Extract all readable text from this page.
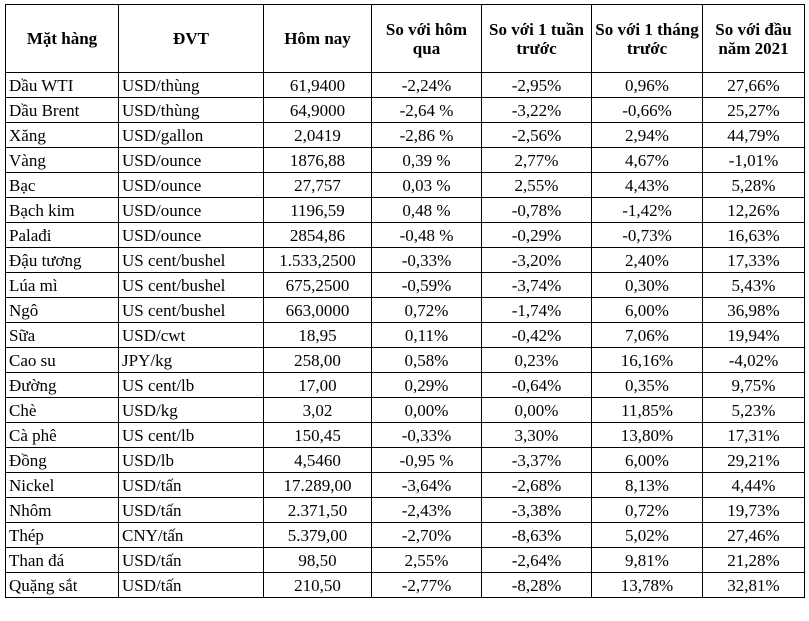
Mặt hàng	ĐVT	Hôm nay	So với hôm qua	So với 1 tuần trước	So với 1 tháng trước	So với đầu năm 2021
Dầu WTI	USD/thùng	61,9400	-2,24%	-2,95%	0,96%	27,66%
Dầu Brent	USD/thùng	64,9000	-2,64 %	-3,22%	-0,66%	25,27%
Xăng	USD/gallon	2,0419	-2,86 %	-2,56%	2,94%	44,79%
Vàng	USD/ounce	1876,88	0,39 %	2,77%	4,67%	-1,01%
Bạc	USD/ounce	27,757	0,03 %	2,55%	4,43%	5,28%
Bạch kim	USD/ounce	1196,59	0,48 %	-0,78%	-1,42%	12,26%
Palađi	USD/ounce	2854,86	-0,48 %	-0,29%	-0,73%	16,63%
Đậu tương	US cent/bushel	1.533,2500	-0,33%	-3,20%	2,40%	17,33%
Lúa mì	US cent/bushel	675,2500	-0,59%	-3,74%	0,30%	5,43%
Ngô	US cent/bushel	663,0000	0,72%	-1,74%	6,00%	36,98%
Sữa	USD/cwt	18,95	0,11%	-0,42%	7,06%	19,94%
Cao su	JPY/kg	258,00	0,58%	0,23%	16,16%	-4,02%
Đường	US cent/lb	17,00	0,29%	-0,64%	0,35%	9,75%
Chè	USD/kg	3,02	0,00%	0,00%	11,85%	5,23%
Cà phê	US cent/lb	150,45	-0,33%	3,30%	13,80%	17,31%
Đồng	USD/lb	4,5460	-0,95 %	-3,37%	6,00%	29,21%
Nickel	USD/tấn	17.289,00	-3,64%	-2,68%	8,13%	4,44%
Nhôm	USD/tấn	2.371,50	-2,43%	-3,38%	0,72%	19,73%
Thép	CNY/tấn	5.379,00	-2,70%	-8,63%	5,02%	27,46%
Than đá	USD/tấn	98,50	2,55%	-2,64%	9,81%	21,28%
Quặng sắt	USD/tấn	210,50	-2,77%	-8,28%	13,78%	32,81%
